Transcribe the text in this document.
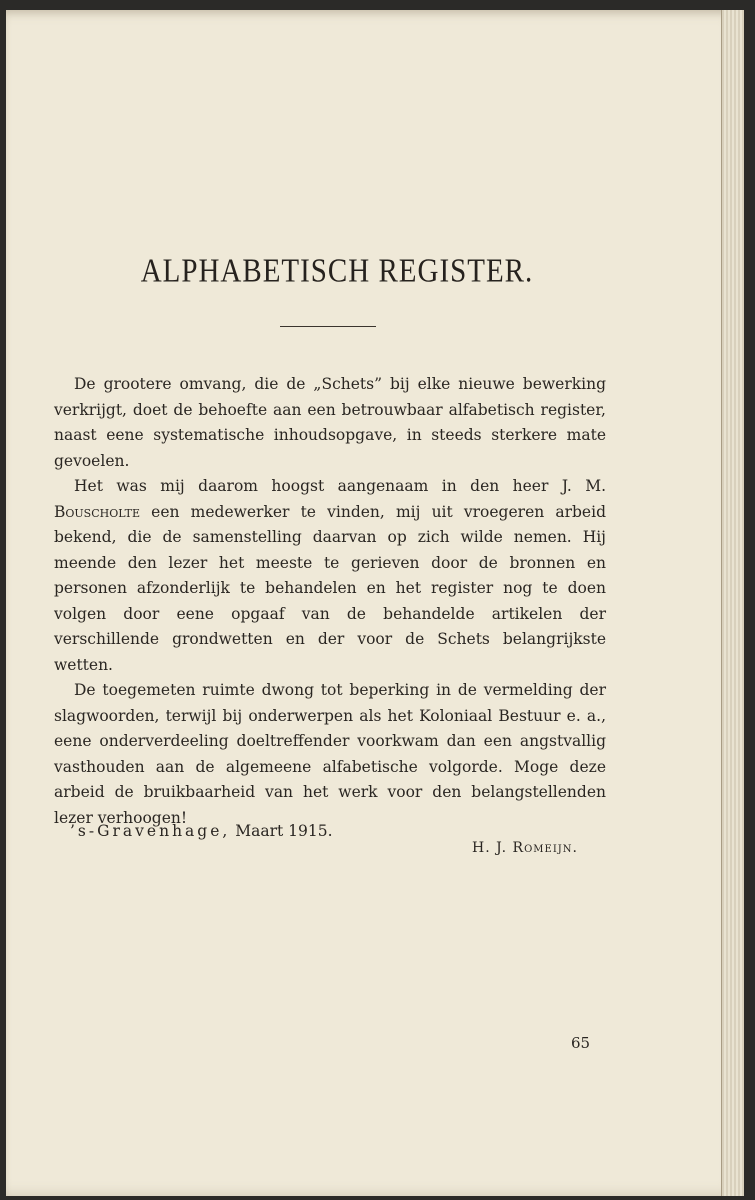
ALPHABETISCH REGISTER.

De grootere omvang, die de „Schets” bij elke nieuwe bewerking verkrijgt, doet de behoefte aan een betrouwbaar alfabetisch register, naast eene systematische inhoudsopgave, in steeds sterkere mate gevoelen.

Het was mij daarom hoogst aangenaam in den heer J. M. Bouscholte een medewerker te vinden, mij uit vroegeren arbeid bekend, die de samenstelling daarvan op zich wilde nemen. Hij meende den lezer het meeste te gerieven door de bronnen en personen afzonderlijk te behandelen en het register nog te doen volgen door eene opgaaf van de behandelde artikelen der verschillende grondwetten en der voor de Schets belangrijkste wetten.

De toegemeten ruimte dwong tot beperking in de vermelding der slagwoorden, terwijl bij onderwerpen als het Koloniaal Bestuur e. a., eene onderverdeeling doeltreffender voorkwam dan een angstvallig vasthouden aan de algemeene alfabetische volgorde. Moge deze arbeid de bruikbaarheid van het werk voor den belangstellenden lezer verhoogen!

’s-Gravenhage, Maart 1915.
H. J. Romeijn.
65
